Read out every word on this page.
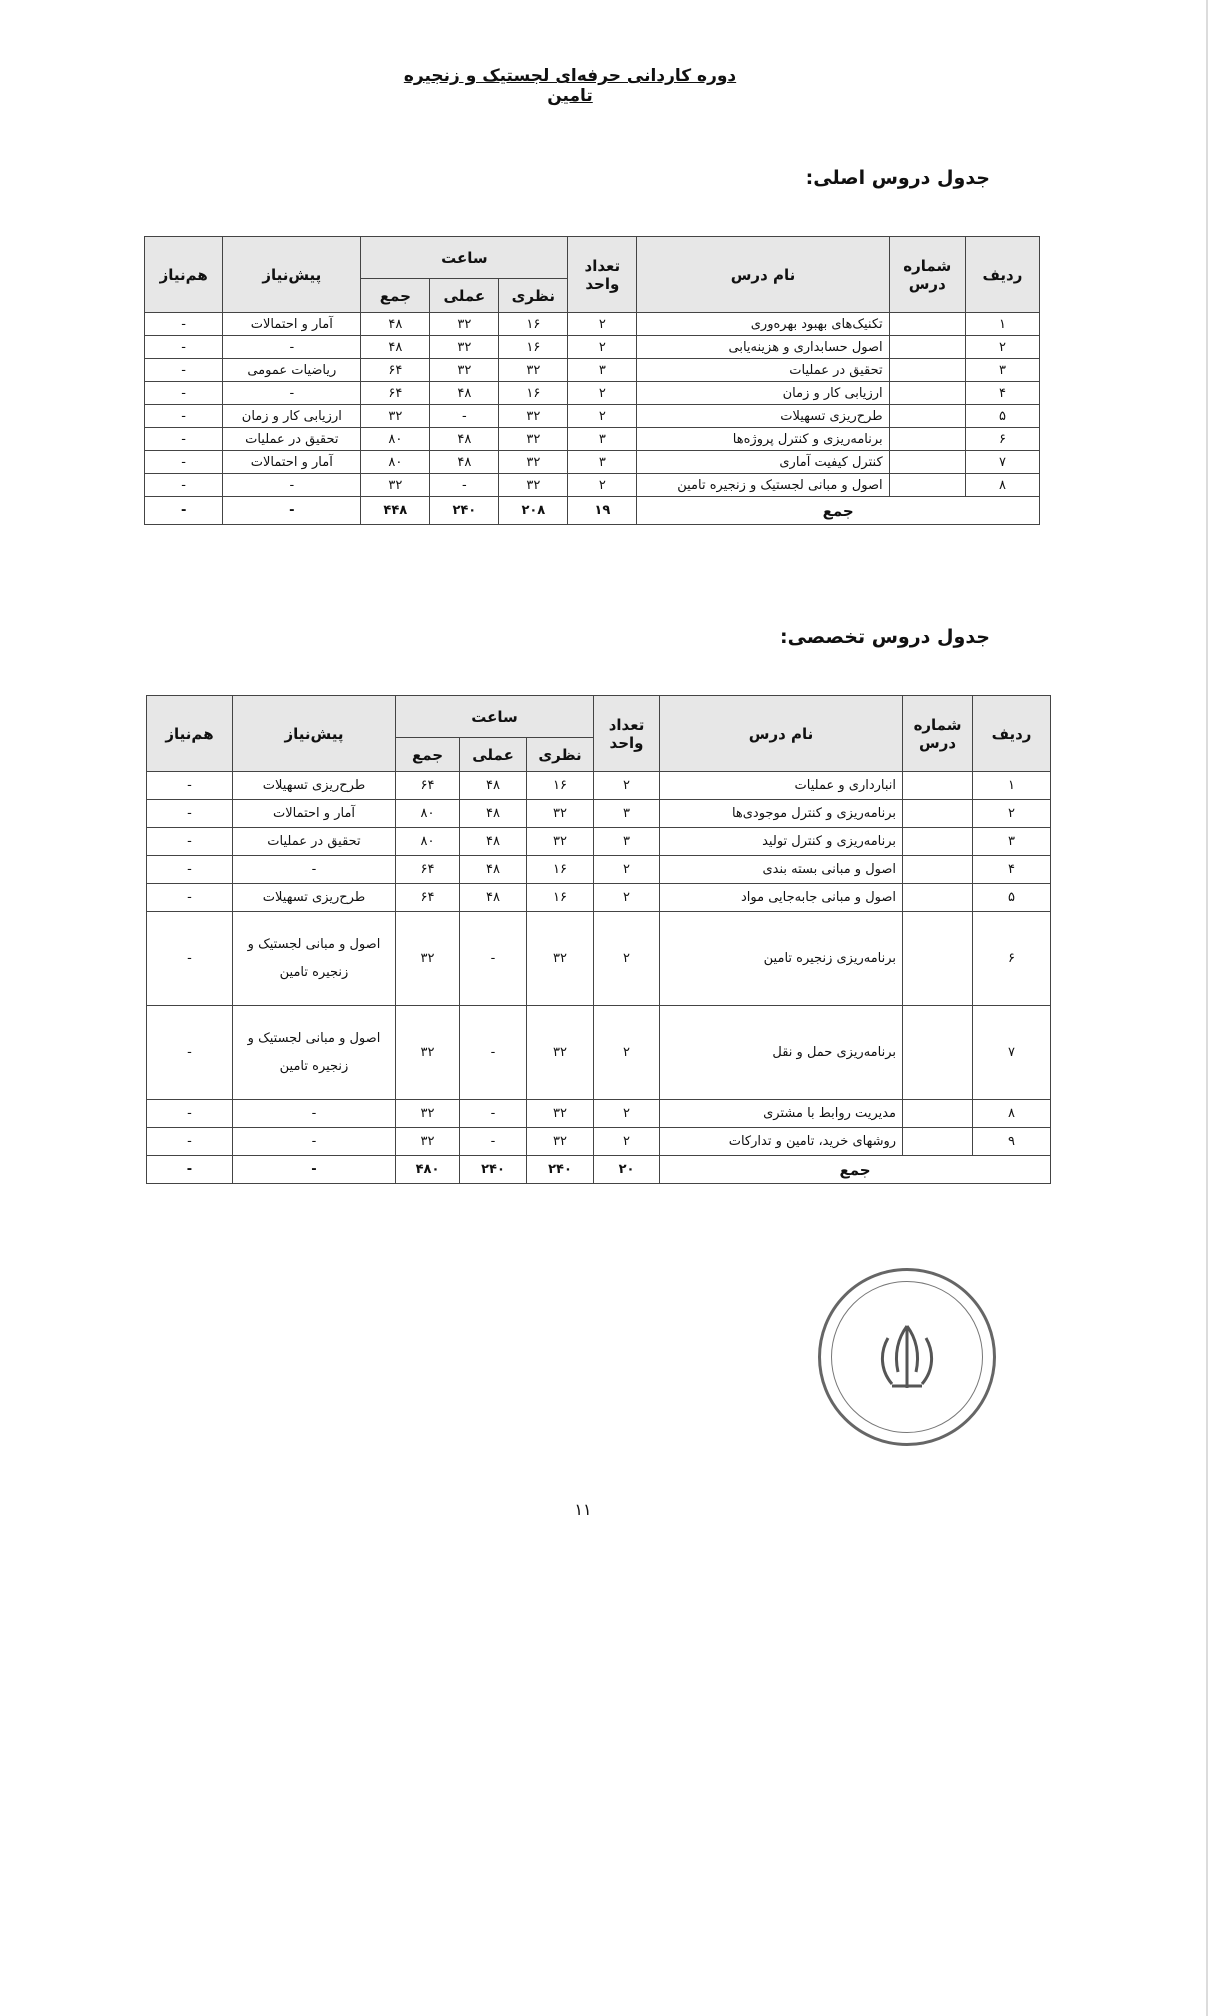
دوره کاردانی حرفه‌ای لجستیک و زنجیره تامین
جدول دروس اصلی:
ردیف	شماره درس	نام درس	تعداد واحد	ساعت			پیش‌نیاز	هم‌نیاز
				نظری	عملی	جمع		
۱		تکنیک‌های بهبود بهره‌وری	۲	۱۶	۳۲	۴۸	آمار و احتمالات	-
۲		اصول حسابداری و هزینه‌یابی	۲	۱۶	۳۲	۴۸	-	-
۳		تحقیق در عملیات	۳	۳۲	۳۲	۶۴	ریاضیات عمومی	-
۴		ارزیابی کار و زمان	۲	۱۶	۴۸	۶۴	-	-
۵		طرح‌ریزی تسهیلات	۲	۳۲	-	۳۲	ارزیابی کار و زمان	-
۶		برنامه‌ریزی و کنترل پروژه‌ها	۳	۳۲	۴۸	۸۰	تحقیق در عملیات	-
۷		کنترل کیفیت آماری	۳	۳۲	۴۸	۸۰	آمار و احتمالات	-
۸		اصول و مبانی لجستیک و زنجیره تامین	۲	۳۲	-	۳۲	-	-
جمع			۱۹	۲۰۸	۲۴۰	۴۴۸	-	-
جدول دروس تخصصی:
ردیف	شماره درس	نام درس	تعداد واحد	ساعت			پیش‌نیاز	هم‌نیاز
				نظری	عملی	جمع		
۱		انبارداری و عملیات	۲	۱۶	۴۸	۶۴	طرح‌ریزی تسهیلات	-
۲		برنامه‌ریزی و کنترل موجودی‌ها	۳	۳۲	۴۸	۸۰	آمار و احتمالات	-
۳		برنامه‌ریزی و کنترل تولید	۳	۳۲	۴۸	۸۰	تحقیق در عملیات	-
۴		اصول و مبانی بسته بندی	۲	۱۶	۴۸	۶۴	-	-
۵		اصول و مبانی جابه‌جایی مواد	۲	۱۶	۴۸	۶۴	طرح‌ریزی تسهیلات	-
۶		برنامه‌ریزی زنجیره تامین	۲	۳۲	-	۳۲	اصول و مبانی لجستیک و زنجیره تامین	-
۷		برنامه‌ریزی حمل و نقل	۲	۳۲	-	۳۲	اصول و مبانی لجستیک و زنجیره تامین	-
۸		مدیریت روابط با مشتری	۲	۳۲	-	۳۲	-	-
۹		روشهای خرید، تامین و تدارکات	۲	۳۲	-	۳۲	-	-
جمع			۲۰	۲۴۰	۲۴۰	۴۸۰	-	-
۱۱
